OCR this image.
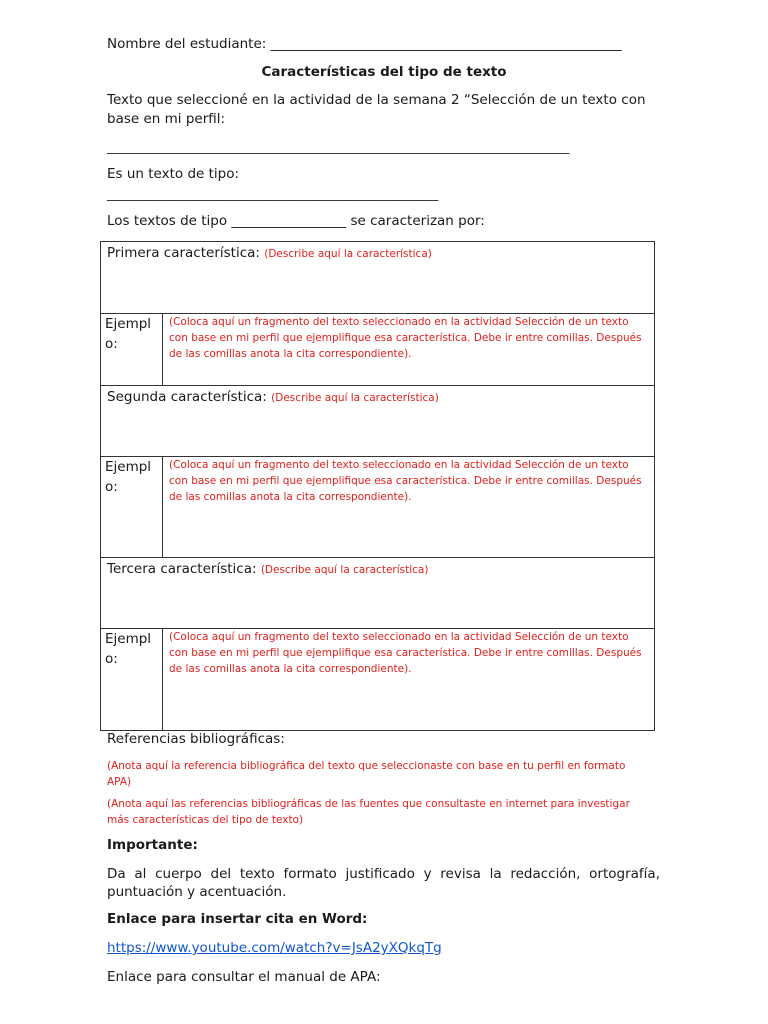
Nombre del estudiante: ____________________________________________________
Características del tipo de texto
Texto que seleccioné en la actividad de la semana 2 “Selección de un texto con
base en mi perfil:
__________________________________________________________________________
Es un texto de tipo:
_____________________________________________________
Los textos de tipo _________________ se caracterizan por:
Primera característica: (Describe aquí la característica)	
Ejemplo:	(Coloca aquí un fragmento del texto seleccionado en la actividad Selección de un texto con base en mi perfil que ejemplifique esa característica. Debe ir entre comillas. Después de las comillas anota la cita correspondiente).
Segunda característica: (Describe aquí la característica)	
Ejemplo:	(Coloca aquí un fragmento del texto seleccionado en la actividad Selección de un texto con base en mi perfil que ejemplifique esa característica. Debe ir entre comillas. Después de las comillas anota la cita correspondiente).
Tercera característica: (Describe aquí la característica)	
Ejemplo:	(Coloca aquí un fragmento del texto seleccionado en la actividad Selección de un texto con base en mi perfil que ejemplifique esa característica. Debe ir entre comillas. Después de las comillas anota la cita correspondiente).
Referencias bibliográficas:
(Anota aquí la referencia bibliográfica del texto que seleccionaste con base en tu perfil en formato APA)
(Anota aquí las referencias bibliográficas de las fuentes que consultaste en internet para investigar más características del tipo de texto)
Importante:
Da al cuerpo del texto formato justificado y revisa la redacción, ortografía, puntuación y acentuación.
Enlace para insertar cita en Word:
https://www.youtube.com/watch?v=JsA2yXQkqTg
Enlace para consultar el manual de APA:
